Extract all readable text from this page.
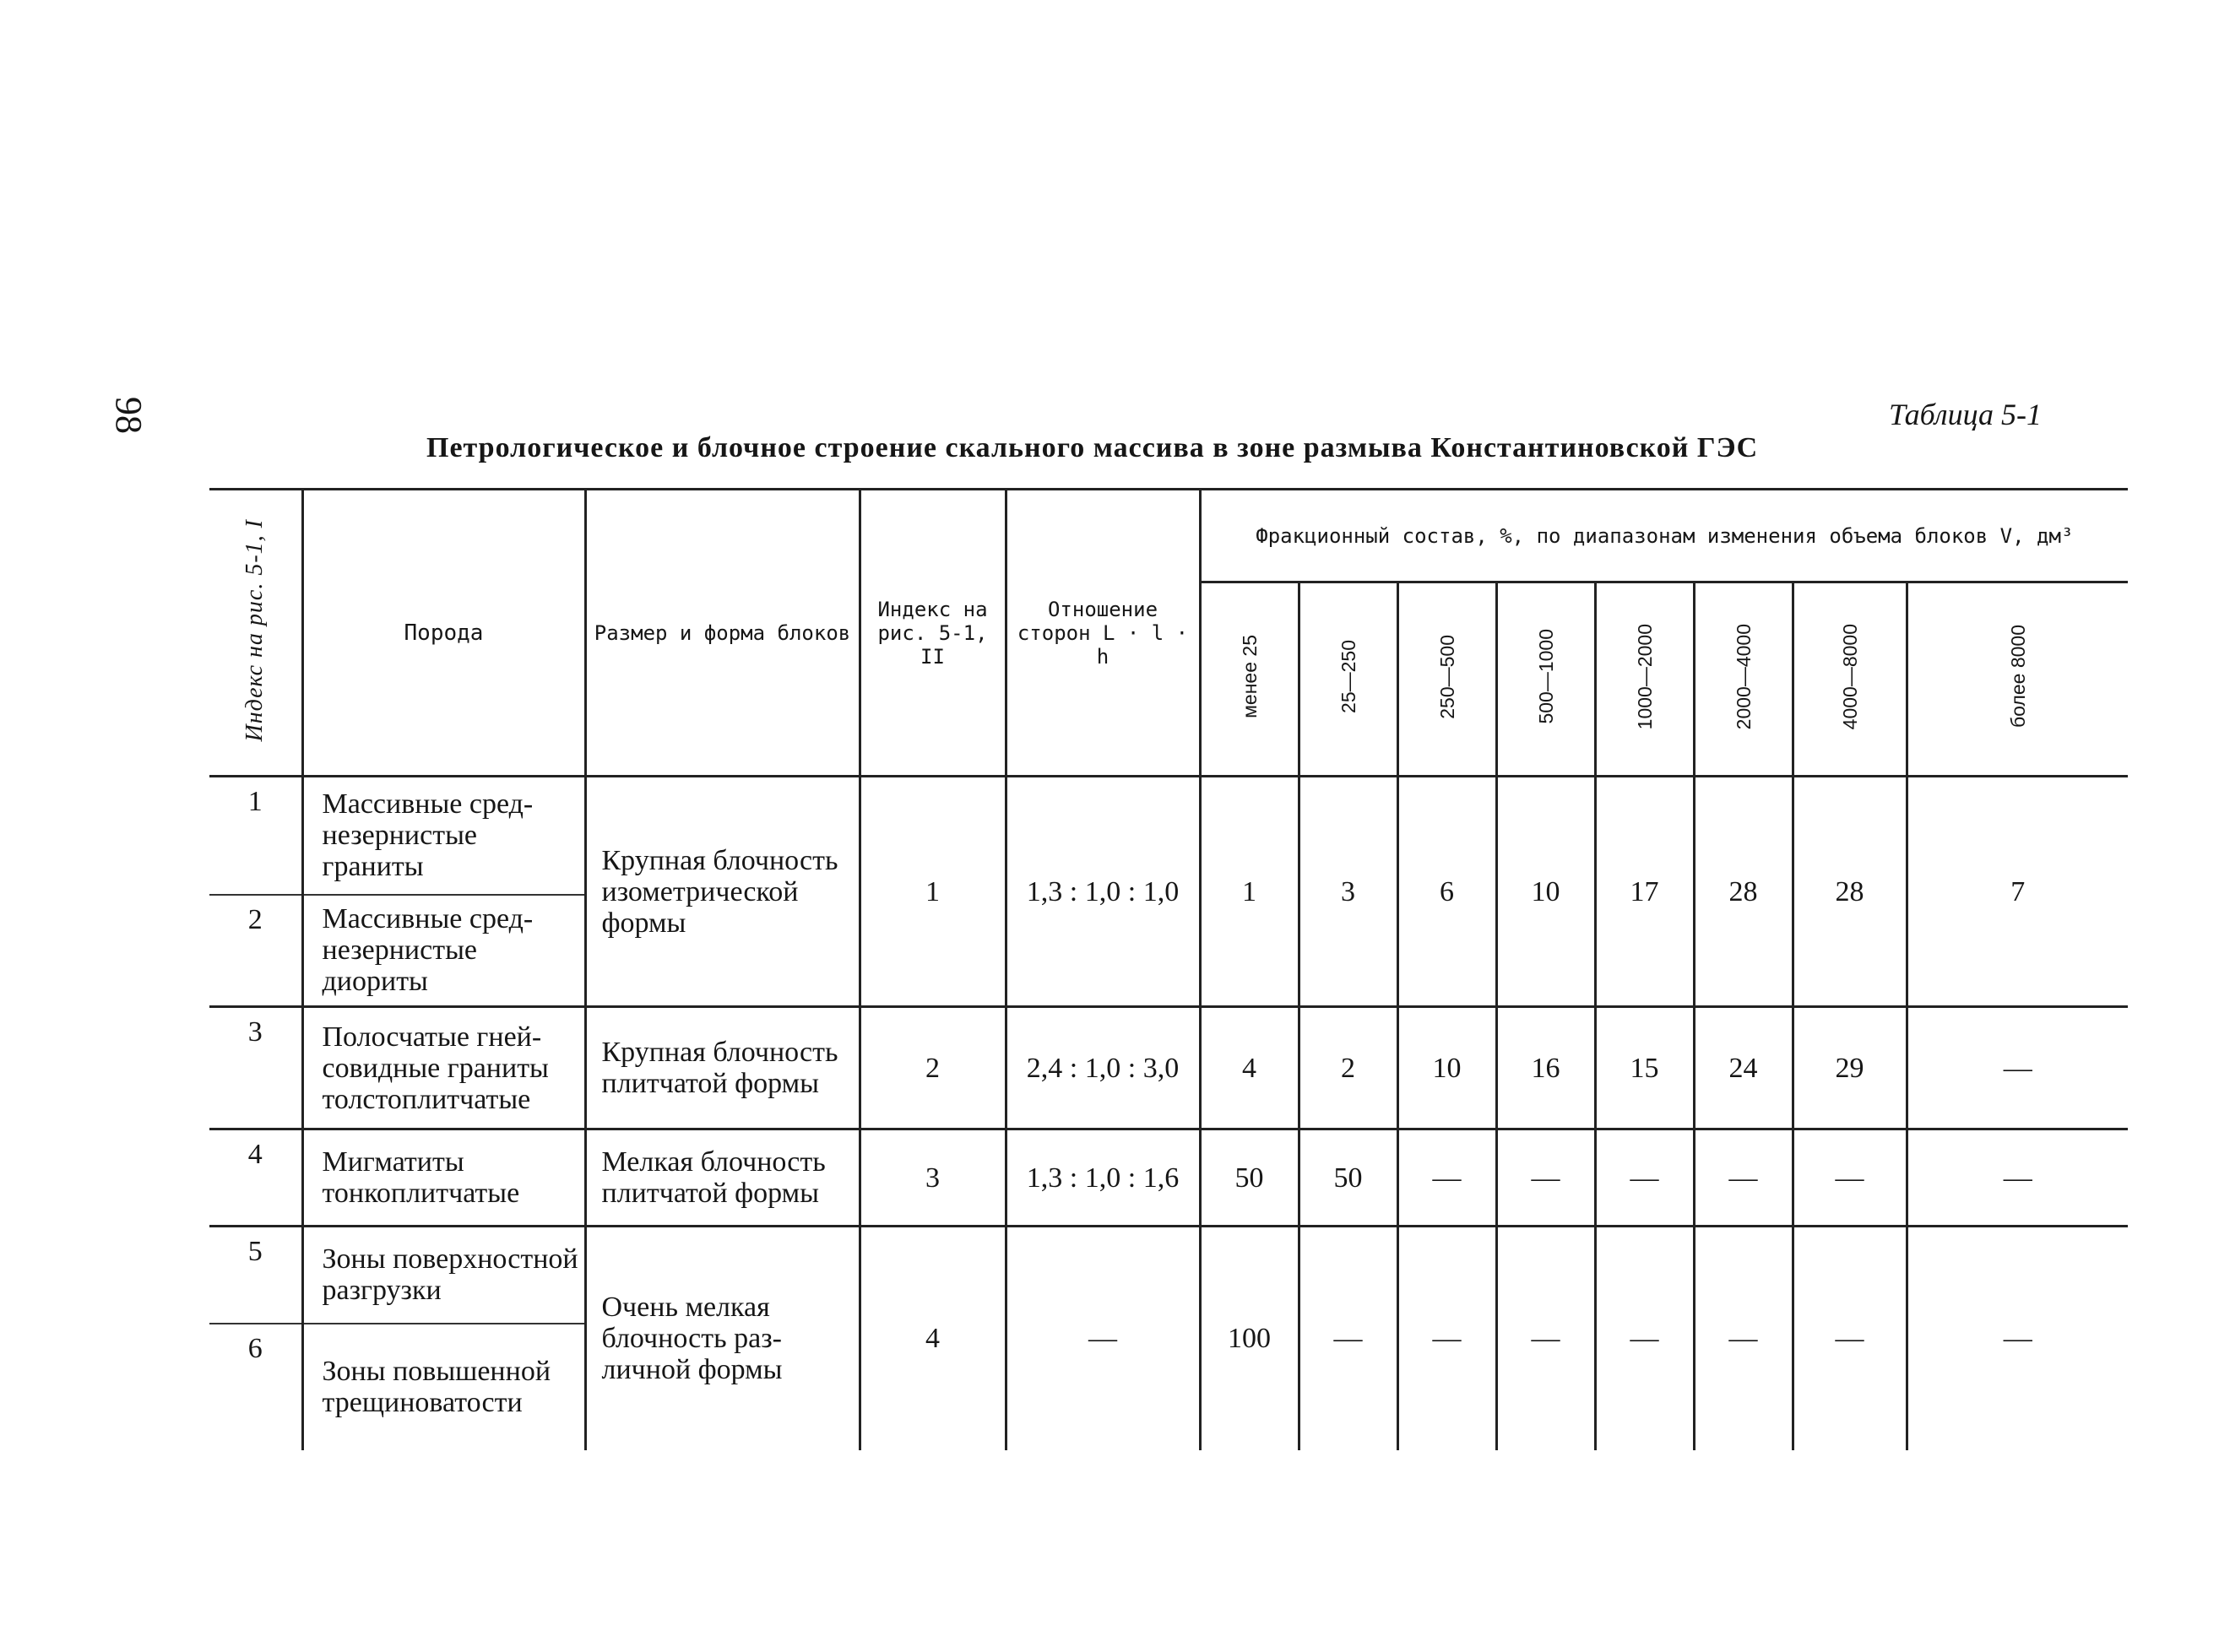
98	Таблица 5-1
Петрологическое и блочное строение скального массива в зоне размыва Константиновской ГЭС
Индекс на рис. 5-1, I	Порода	Размер и форма блоков	Индекс на рис. 5-1, II	Отношение сторон L · l · h	Фракционный состав, %, по диапазонам изменения объема блоков V, дм³							
					менее 25	25—250	250—500	500—1000	1000—2000	2000—4000	4000—8000	более 8000
1	Массивные среднезернистые граниты	Крупная блочность изометрической формы	1	1,3 : 1,0 : 1,0	1	3	6	10	17	28	28	7
2	Массивные среднезернистые диориты											
3	Полосчатые гнейсовидные граниты толстоплитчатые	Крупная блочность плитчатой формы	2	2,4 : 1,0 : 3,0	4	2	10	16	15	24	29	—
4	Мигматиты тонкоплитчатые	Мелкая блочность плитчатой формы	3	1,3 : 1,0 : 1,6	50	50	—	—	—	—	—	—
5	Зоны поверхностной разгрузки	Очень мелкая блочность различной формы	4	—	100	—	—	—	—	—	—	—
6	Зоны повышенной трещиноватости											
